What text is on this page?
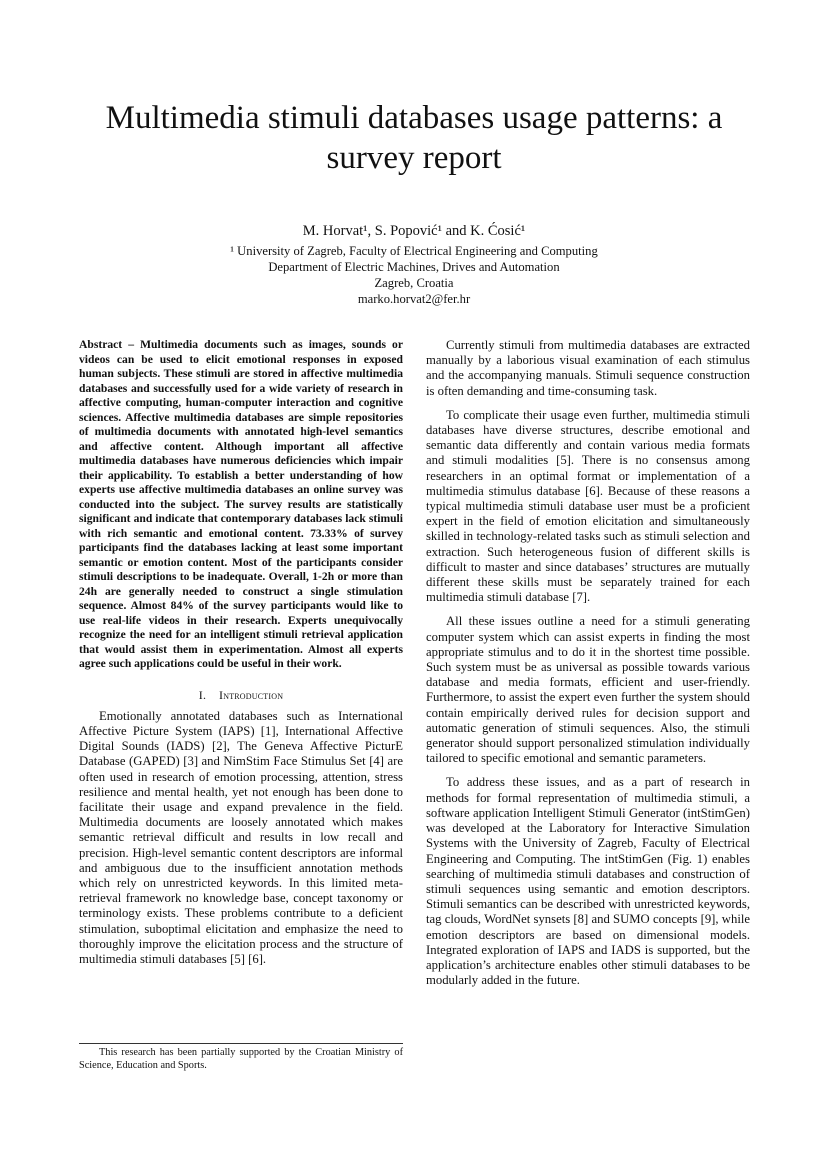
Multimedia stimuli databases usage patterns: a survey report
M. Horvat¹, S. Popović¹ and K. Ćosić¹
¹ University of Zagreb, Faculty of Electrical Engineering and Computing
Department of Electric Machines, Drives and Automation
Zagreb, Croatia
marko.horvat2@fer.hr

Abstract – Multimedia documents such as images, sounds or videos can be used to elicit emotional responses in exposed human subjects. These stimuli are stored in affective multimedia databases and successfully used for a wide variety of research in affective computing, human-computer interaction and cognitive sciences. Affective multimedia databases are simple repositories of multimedia documents with annotated high-level semantics and affective content. Although important all affective multimedia databases have numerous deficiencies which impair their applicability. To establish a better understanding of how experts use affective multimedia databases an online survey was conducted into the subject. The survey results are statistically significant and indicate that contemporary databases lack stimuli with rich semantic and emotional content. 73.33% of survey participants find the databases lacking at least some important semantic or emotion content. Most of the participants consider stimuli descriptions to be inadequate. Overall, 1-2h or more than 24h are generally needed to construct a single stimulation sequence. Almost 84% of the survey participants would like to use real-life videos in their research. Experts unequivocally recognize the need for an intelligent stimuli retrieval application that would assist them in experimentation. Almost all experts agree such applications could be useful in their work.

I. Introduction

Emotionally annotated databases such as International Affective Picture System (IAPS) [1], International Affective Digital Sounds (IADS) [2], The Geneva Affective PicturE Database (GAPED) [3] and NimStim Face Stimulus Set [4] are often used in research of emotion processing, attention, stress resilience and mental health, yet not enough has been done to facilitate their usage and expand prevalence in the field. Multimedia documents are loosely annotated which makes semantic retrieval difficult and results in low recall and precision. High-level semantic content descriptors are informal and ambiguous due to the insufficient annotation methods which rely on unrestricted keywords. In this limited meta-retrieval framework no knowledge base, concept taxonomy or terminology exists. These problems contribute to a deficient stimulation, suboptimal elicitation and emphasize the need to thoroughly improve the elicitation process and the structure of multimedia stimuli databases [5] [6].

Currently stimuli from multimedia databases are extracted manually by a laborious visual examination of each stimulus and the accompanying manuals. Stimuli sequence construction is often demanding and time-consuming task.

To complicate their usage even further, multimedia stimuli databases have diverse structures, describe emotional and semantic data differently and contain various media formats and stimuli modalities [5]. There is no consensus among researchers in an optimal format or implementation of a multimedia stimulus database [6]. Because of these reasons a typical multimedia stimuli database user must be a proficient expert in the field of emotion elicitation and simultaneously skilled in technology-related tasks such as stimuli selection and extraction. Such heterogeneous fusion of different skills is difficult to master and since databases’ structures are mutually different these skills must be separately trained for each multimedia stimuli database [7].

All these issues outline a need for a stimuli generating computer system which can assist experts in finding the most appropriate stimulus and to do it in the shortest time possible. Such system must be as universal as possible towards various database and media formats, efficient and user-friendly. Furthermore, to assist the expert even further the system should contain empirically derived rules for decision support and automatic generation of stimuli sequences. Also, the stimuli generator should support personalized stimulation individually tailored to specific emotional and semantic parameters.

To address these issues, and as a part of research in methods for formal representation of multimedia stimuli, a software application Intelligent Stimuli Generator (intStimGen) was developed at the Laboratory for Interactive Simulation Systems with the University of Zagreb, Faculty of Electrical Engineering and Computing. The intStimGen (Fig. 1) enables searching of multimedia stimuli databases and construction of stimuli sequences using semantic and emotion descriptors. Stimuli semantics can be described with unrestricted keywords, tag clouds, WordNet synsets [8] and SUMO concepts [9], while emotion descriptors are based on dimensional models. Integrated exploration of IAPS and IADS is supported, but the application’s architecture enables other stimuli databases to be modularly added in the future.

This research has been partially supported by the Croatian Ministry of Science, Education and Sports.
